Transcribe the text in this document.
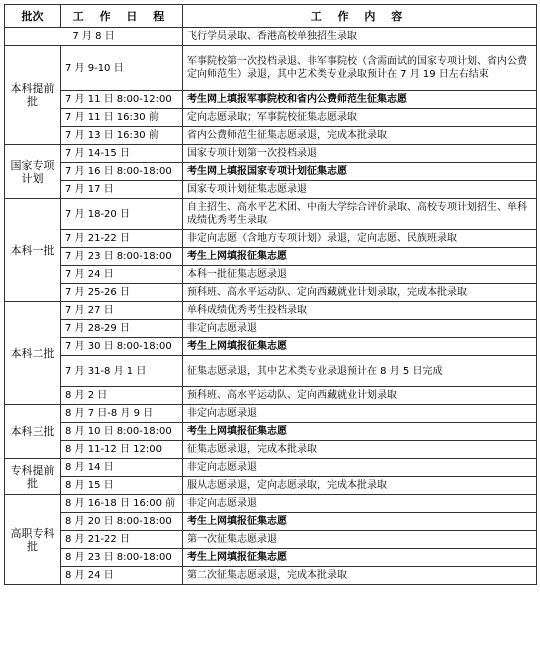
批次	工 作 日 程	工 作 内 容
7 月 8 日		飞行学员录取、香港高校单独招生录取
本科提前批	7 月 9-10 日	军事院校第一次投档录退、非军事院校（含需面试的国家专项计划、省内公费定向师范生）录退，其中艺术类专业录取预计在 7 月 19 日左右结束
	7 月 11 日 8:00-12:00	考生网上填报军事院校和省内公费师范生征集志愿
	7 月 11 日 16:30 前	定向志愿录取；军事院校征集志愿录取
	7 月 13 日 16:30 前	省内公费师范生征集志愿录退，完成本批录取
国家专项计划	7 月 14-15 日	国家专项计划第一次投档录退
	7 月 16 日 8:00-18:00	考生网上填报国家专项计划征集志愿
	7 月 17 日	国家专项计划征集志愿录退
本科一批	7 月 18-20 日	自主招生、高水平艺术团、中南大学综合评价录取、高校专项计划招生、单科成绩优秀考生录取
	7 月 21-22 日	非定向志愿（含地方专项计划）录退，定向志愿、民族班录取
	7 月 23 日 8:00-18:00	考生上网填报征集志愿
	7 月 24 日	本科一批征集志愿录退
	7 月 25-26 日	预科班、高水平运动队、定向西藏就业计划录取，完成本批录取
本科二批	7 月 27 日	单科成绩优秀考生投档录取
	7 月 28-29 日	非定向志愿录退
	7 月 30 日 8:00-18:00	考生上网填报征集志愿
	7 月 31-8 月 1 日	征集志愿录退，其中艺术类专业录退预计在 8 月 5 日完成
	8 月 2 日	预科班、高水平运动队、定向西藏就业计划录取
本科三批	8 月 7 日-8 月 9 日	非定向志愿录退
	8 月 10 日 8:00-18:00	考生上网填报征集志愿
	8 月 11-12 日 12:00	征集志愿录退，完成本批录取
专科提前批	8 月 14 日	非定向志愿录退
	8 月 15 日	服从志愿录退，定向志愿录取，完成本批录取
高职专科 批	8 月 16-18 日 16:00 前	非定向志愿录退
	8 月 20 日 8:00-18:00	考生上网填报征集志愿
	8 月 21-22 日	第一次征集志愿录退
	8 月 23 日 8:00-18:00	考生上网填报征集志愿
	8 月 24 日	第二次征集志愿录退，完成本批录取
